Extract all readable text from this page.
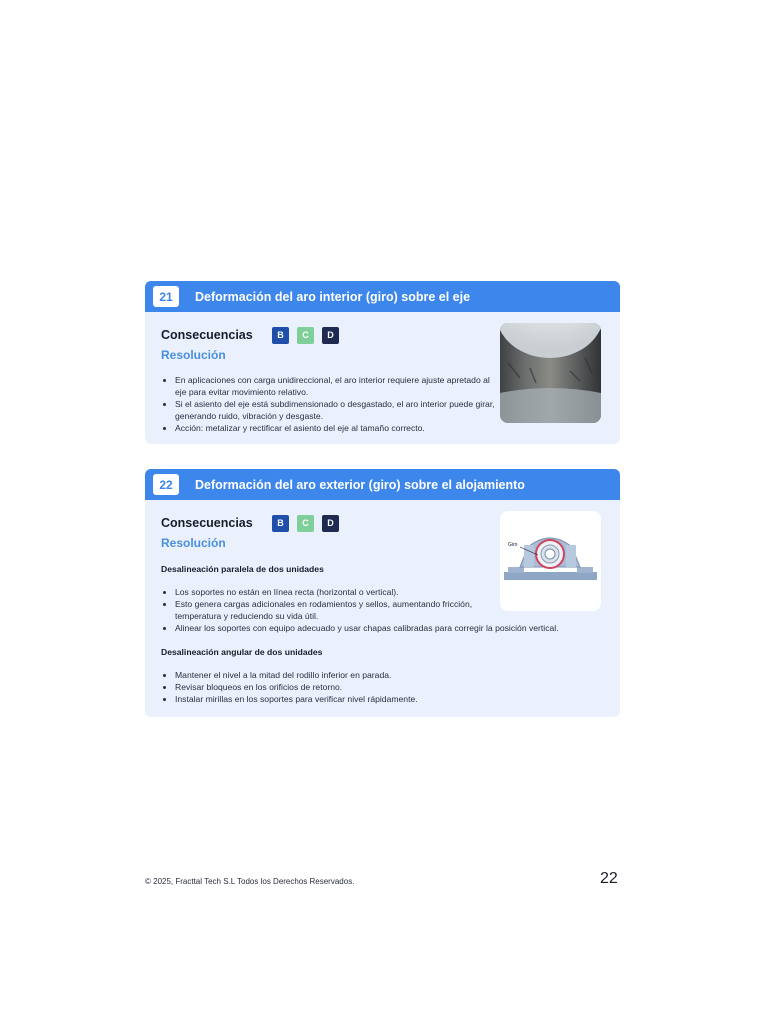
21	Deformación del aro interior (giro) sobre el eje
Consecuencias	B	C	D
Resolución
• En aplicaciones con carga unidireccional, el aro interior requiere ajuste apretado al eje para evitar movimiento relativo.
• Si el asiento del eje está subdimensionado o desgastado, el aro interior puede girar, generando ruido, vibración y desgaste.
• Acción: metalizar y rectificar el asiento del eje al tamaño correcto.
22	Deformación del aro exterior (giro) sobre el alojamiento
Consecuencias	B	C	D
Resolución
Desalineación paralela de dos unidades
• Los soportes no están en línea recta (horizontal o vertical).
• Esto genera cargas adicionales en rodamientos y sellos, aumentando fricción, temperatura y reduciendo su vida útil.
• Alinear los soportes con equipo adecuado y usar chapas calibradas para corregir la posición vertical.
Desalineación angular de dos unidades
• Mantener el nivel a la mitad del rodillo inferior en parada.
• Revisar bloqueos en los orificios de retorno.
• Instalar mirillas en los soportes para verificar nivel rápidamente.
Giro
© 2025, Fracttal Tech S.L Todos los Derechos Reservados.	22
